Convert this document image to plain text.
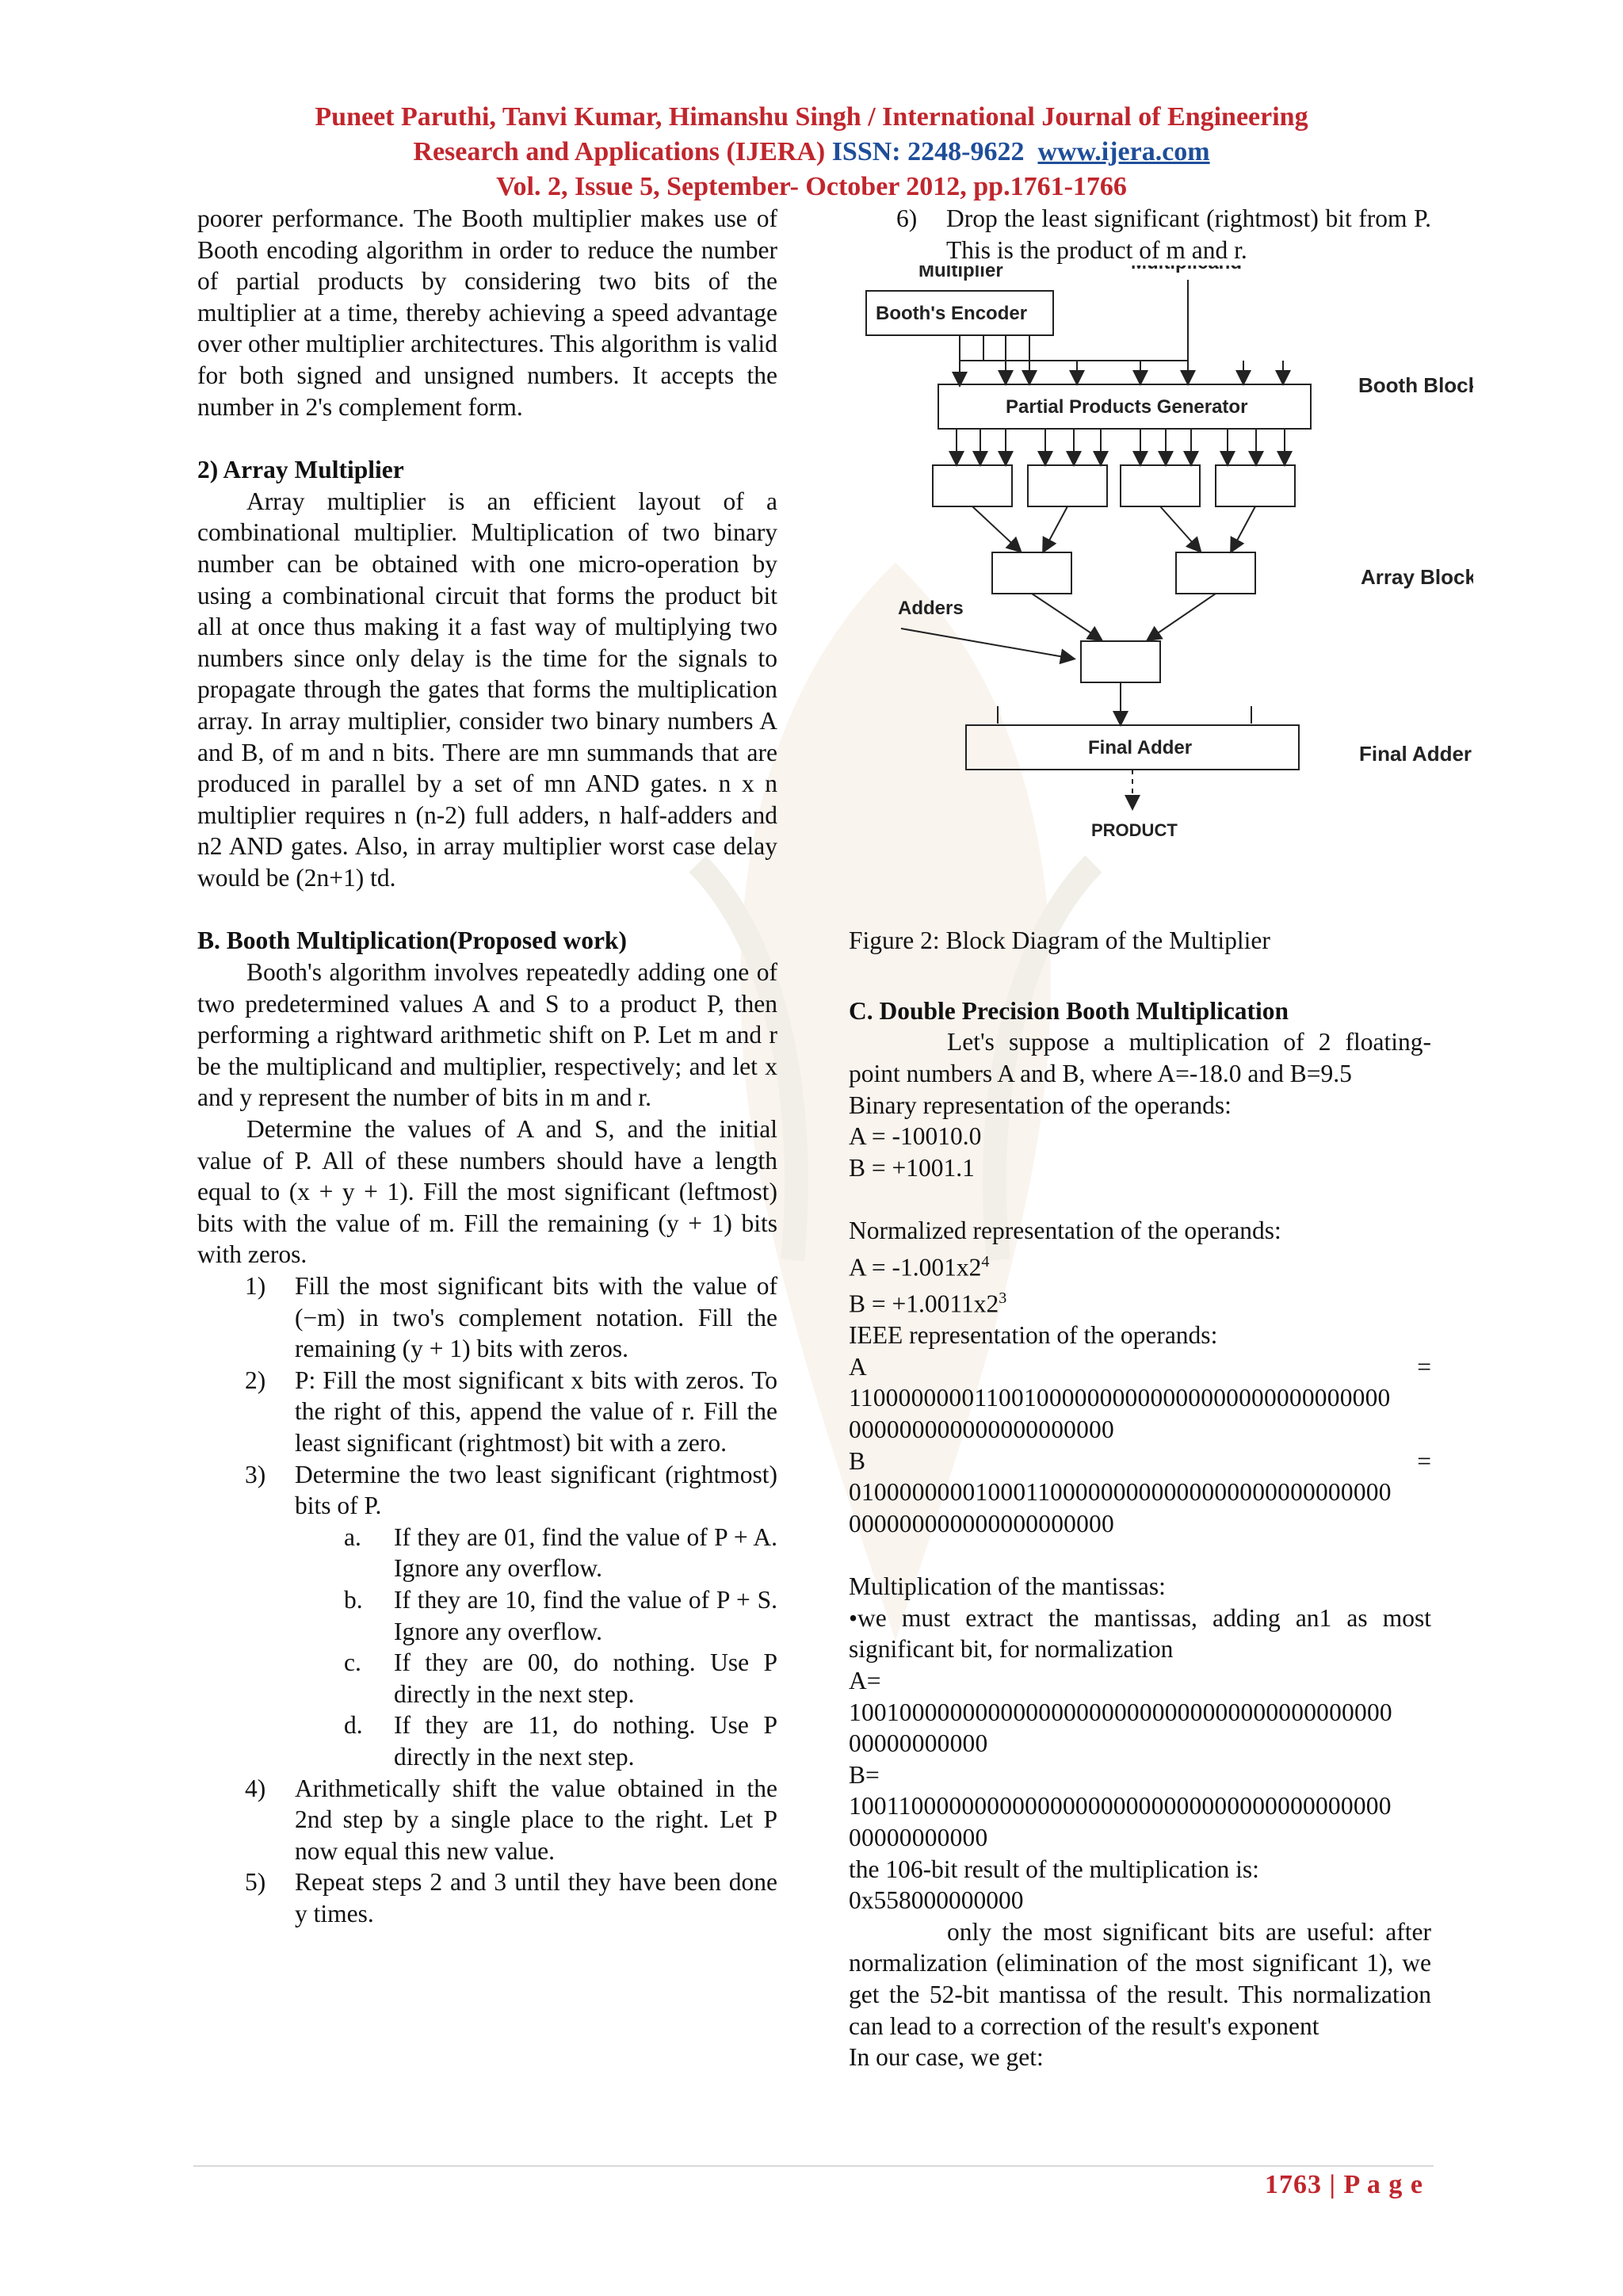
Puneet Paruthi, Tanvi Kumar, Himanshu Singh / International Journal of Engineering
Research and Applications (IJERA) ISSN: 2248-9622 www.ijera.com
Vol. 2, Issue 5, September- October 2012, pp.1761-1766

poorer performance. The Booth multiplier makes use of Booth encoding algorithm in order to reduce the number of partial products by considering two bits of the multiplier at a time, thereby achieving a speed advantage over other multiplier architectures. This algorithm is valid for both signed and unsigned numbers. It accepts the number in 2's complement form.

2) Array Multiplier

Array multiplier is an efficient layout of a combinational multiplier. Multiplication of two binary number can be obtained with one micro-operation by using a combinational circuit that forms the product bit all at once thus making it a fast way of multiplying two numbers since only delay is the time for the signals to propagate through the gates that forms the multiplication array. In array multiplier, consider two binary numbers A and B, of m and n bits. There are mn summands that are produced in parallel by a set of mn AND gates. n x n multiplier requires n (n-2) full adders, n half-adders and n2 AND gates. Also, in array multiplier worst case delay would be (2n+1) td.

B. Booth Multiplication(Proposed work)

Booth's algorithm involves repeatedly adding one of two predetermined values A and S to a product P, then performing a rightward arithmetic shift on P. Let m and r be the multiplicand and multiplier, respectively; and let x and y represent the number of bits in m and r.

Determine the values of A and S, and the initial value of P. All of these numbers should have a length equal to (x + y + 1). Fill the most significant (leftmost) bits with the value of m. Fill the remaining (y + 1) bits with zeros.

1) Fill the most significant bits with the value of (−m) in two's complement notation. Fill the remaining (y + 1) bits with zeros.
2) P: Fill the most significant x bits with zeros. To the right of this, append the value of r. Fill the least significant (rightmost) bit with a zero.
3) Determine the two least significant (rightmost) bits of P.
a. If they are 01, find the value of P + A. Ignore any overflow.
b. If they are 10, find the value of P + S. Ignore any overflow.
c. If they are 00, do nothing. Use P directly in the next step.
d. If they are 11, do nothing. Use P directly in the next step.
4) Arithmetically shift the value obtained in the 2nd step by a single place to the right. Let P now equal this new value.
5) Repeat steps 2 and 3 until they have been done y times.
6) Drop the least significant (rightmost) bit from P. This is the product of m and r.
Multiplier
Booth's Encoder
Partial Products Generator
Booth Block
Array Block
Adders
Final Adder	Final Adder
PRODUCT

Figure 2: Block Diagram of the Multiplier

C. Double Precision Booth Multiplication

Let's suppose a multiplication of 2 floating-point numbers A and B, where A=-18.0 and B=9.5

Binary representation of the operands:

A = -10010.0

B = +1001.1

Normalized representation of the operands:

$A = -1.001x2^4$

$B = +1.0011x2^3$

IEEE representation of the operands:

A	=

1100000000110010000000000000000000000000000

000000000000000000000

B	=

0100000000100011000000000000000000000000000

000000000000000000000

Multiplication of the mantissas:

•we must extract the mantissas, adding an1 as most significant bit, for normalization

A=

1001000000000000000000000000000000000000000

00000000000

B=

1001100000000000000000000000000000000000000

00000000000

the 106-bit result of the multiplication is:

0x558000000000

only the most significant bits are useful: after normalization (elimination of the most significant 1), we get the 52-bit mantissa of the result. This normalization can lead to a correction of the result's exponent

In our case, we get:

1763 | P a g e
